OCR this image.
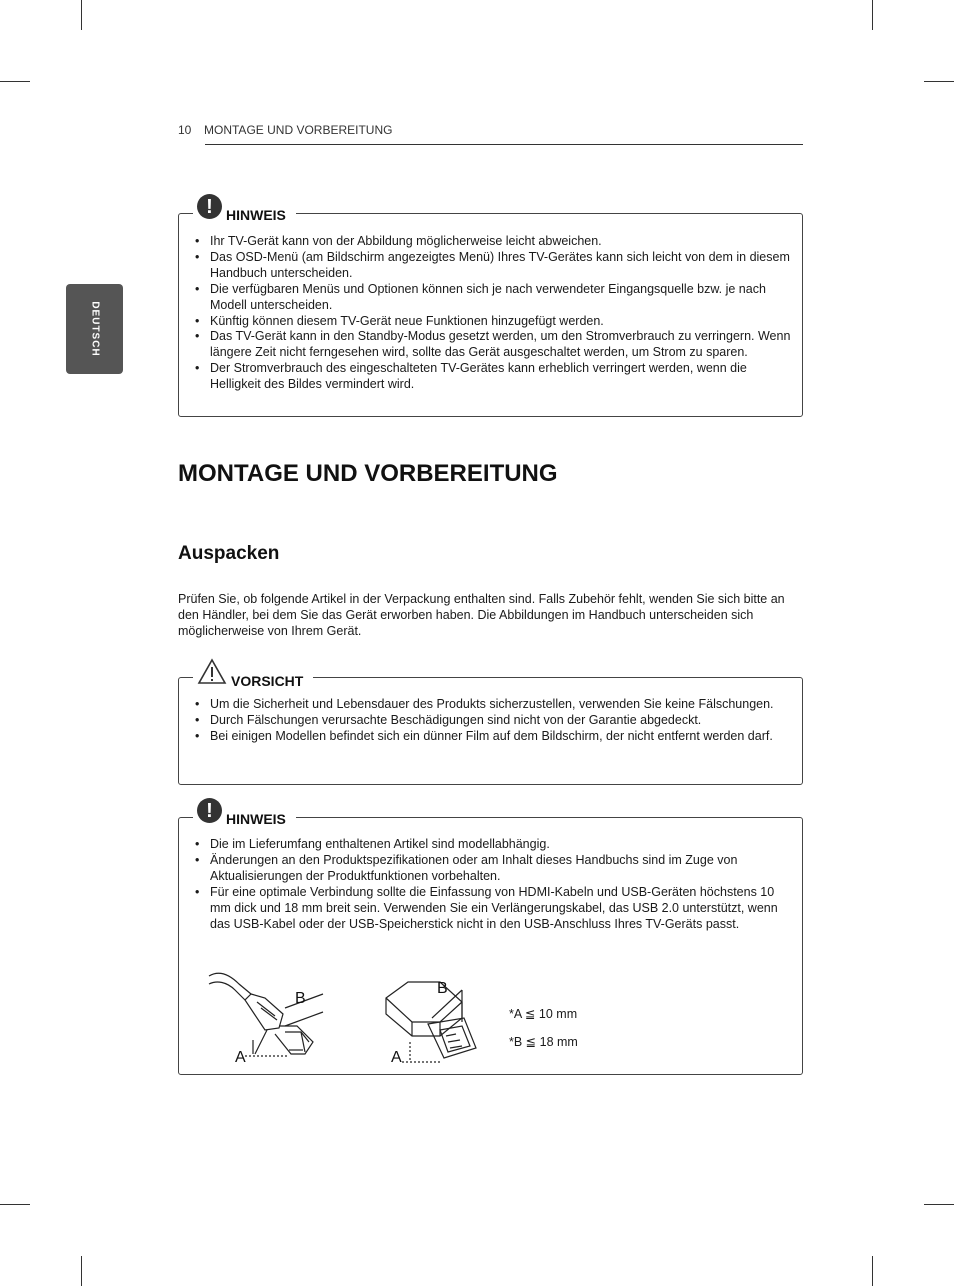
10 MONTAGE UND VORBEREITUNG
DEUTSCH
! HINWEIS
• Ihr TV-Gerät kann von der Abbildung möglicherweise leicht abweichen.
• Das OSD-Menü (am Bildschirm angezeigtes Menü) Ihres TV-Gerätes kann sich leicht von dem in diesem Handbuch unterscheiden.
• Die verfügbaren Menüs und Optionen können sich je nach verwendeter Eingangsquelle bzw. je nach Modell unterscheiden.
• Künftig können diesem TV-Gerät neue Funktionen hinzugefügt werden.
• Das TV-Gerät kann in den Standby-Modus gesetzt werden, um den Stromverbrauch zu verringern. Wenn längere Zeit nicht ferngesehen wird, sollte das Gerät ausgeschaltet werden, um Strom zu sparen.
• Der Stromverbrauch des eingeschalteten TV-Gerätes kann erheblich verringert werden, wenn die Helligkeit des Bildes vermindert wird.
MONTAGE UND VORBEREITUNG
Auspacken

Prüfen Sie, ob folgende Artikel in der Verpackung enthalten sind. Falls Zubehör fehlt, wenden Sie sich bitte an den Händler, bei dem Sie das Gerät erworben haben. Die Abbildungen im Handbuch unterscheiden sich möglicherweise von Ihrem Gerät.

VORSICHT
• Um die Sicherheit und Lebensdauer des Produkts sicherzustellen, verwenden Sie keine Fälschungen.
• Durch Fälschungen verursachte Beschädigungen sind nicht von der Garantie abgedeckt.
• Bei einigen Modellen befindet sich ein dünner Film auf dem Bildschirm, der nicht entfernt werden darf.
! HINWEIS
• Die im Lieferumfang enthaltenen Artikel sind modellabhängig.
• Änderungen an den Produktspezifikationen oder am Inhalt dieses Handbuchs sind im Zuge von Aktualisierungen der Produktfunktionen vorbehalten.
• Für eine optimale Verbindung sollte die Einfassung von HDMI-Kabeln und USB-Geräten höchstens 10 mm dick und 18 mm breit sein. Verwenden Sie ein Verlängerungskabel, das USB 2.0 unterstützt, wenn das USB-Kabel oder der USB-Speicherstick nicht in den USB-Anschluss Ihres TV-Geräts passt.
B
A
B
A
*A ≦ 10 mm
*B ≦ 18 mm
